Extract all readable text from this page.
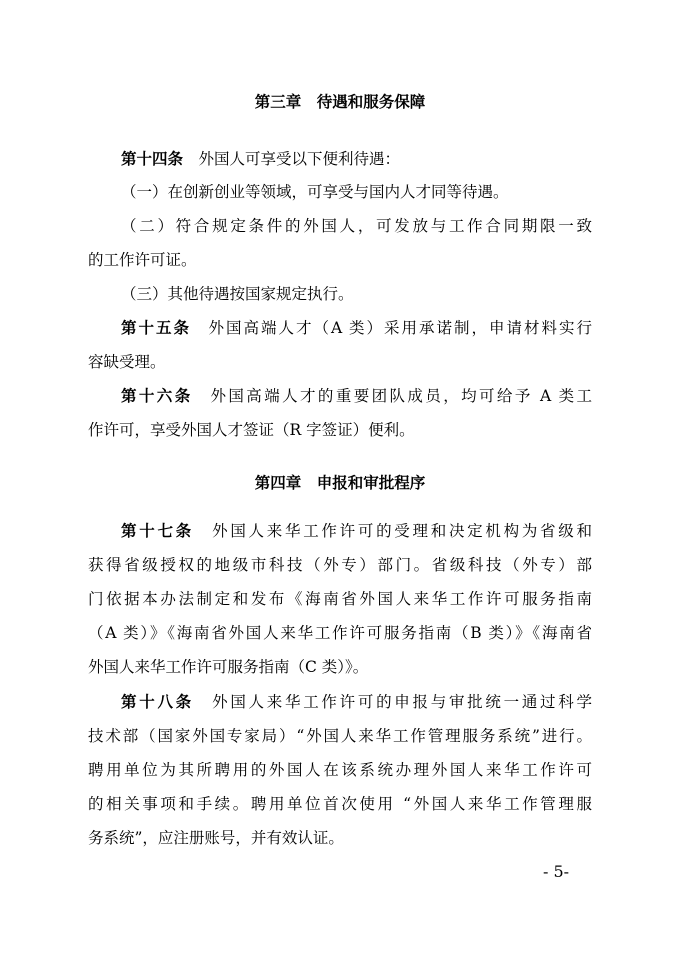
第三章　待遇和服务保障
第十四条　外国人可享受以下便利待遇：
（一）在创新创业等领域，可享受与国内人才同等待遇。
（二）符合规定条件的外国人，可发放与工作合同期限一致
的工作许可证。
（三）其他待遇按国家规定执行。
第十五条　外国高端人才（A 类）采用承诺制，申请材料实行
容缺受理。
第十六条　外国高端人才的重要团队成员，均可给予 A 类工
作许可，享受外国人才签证（R 字签证）便利。
第四章　申报和审批程序
第十七条　外国人来华工作许可的受理和决定机构为省级和
获得省级授权的地级市科技（外专）部门。省级科技（外专）部
门依据本办法制定和发布《海南省外国人来华工作许可服务指南
（A 类）》《海南省外国人来华工作许可服务指南（B 类）》《海南省
外国人来华工作许可服务指南（C 类）》。
第十八条　外国人来华工作许可的申报与审批统一通过科学
技术部（国家外国专家局）“外国人来华工作管理服务系统”进行。
聘用单位为其所聘用的外国人在该系统办理外国人来华工作许可
的相关事项和手续。聘用单位首次使用 “外国人来华工作管理服
务系统”，应注册账号，并有效认证。
- 5-
